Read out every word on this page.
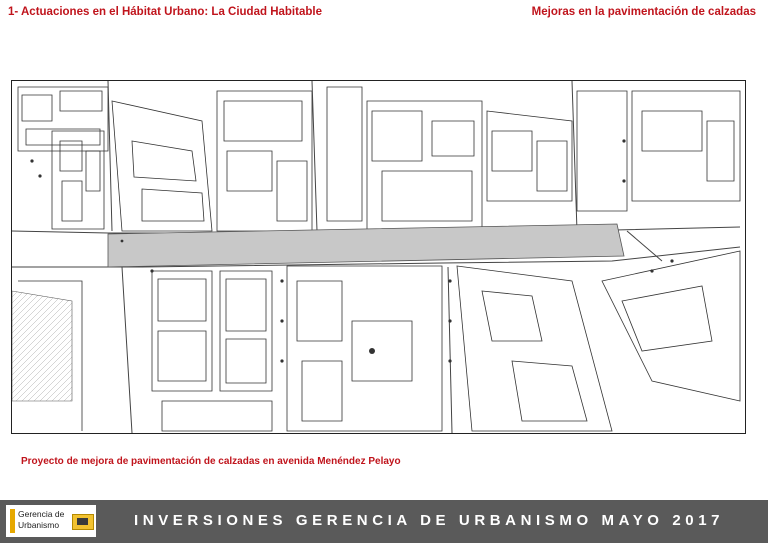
1- Actuaciones en el Hábitat Urbano: La Ciudad Habitable	Mejoras en la pavimentación de calzadas
Proyecto de mejora de pavimentación de calzadas en avenida Menéndez Pelayo
Gerencia de
Urbanismo	INVERSIONES GERENCIA DE URBANISMO MAYO 2017
